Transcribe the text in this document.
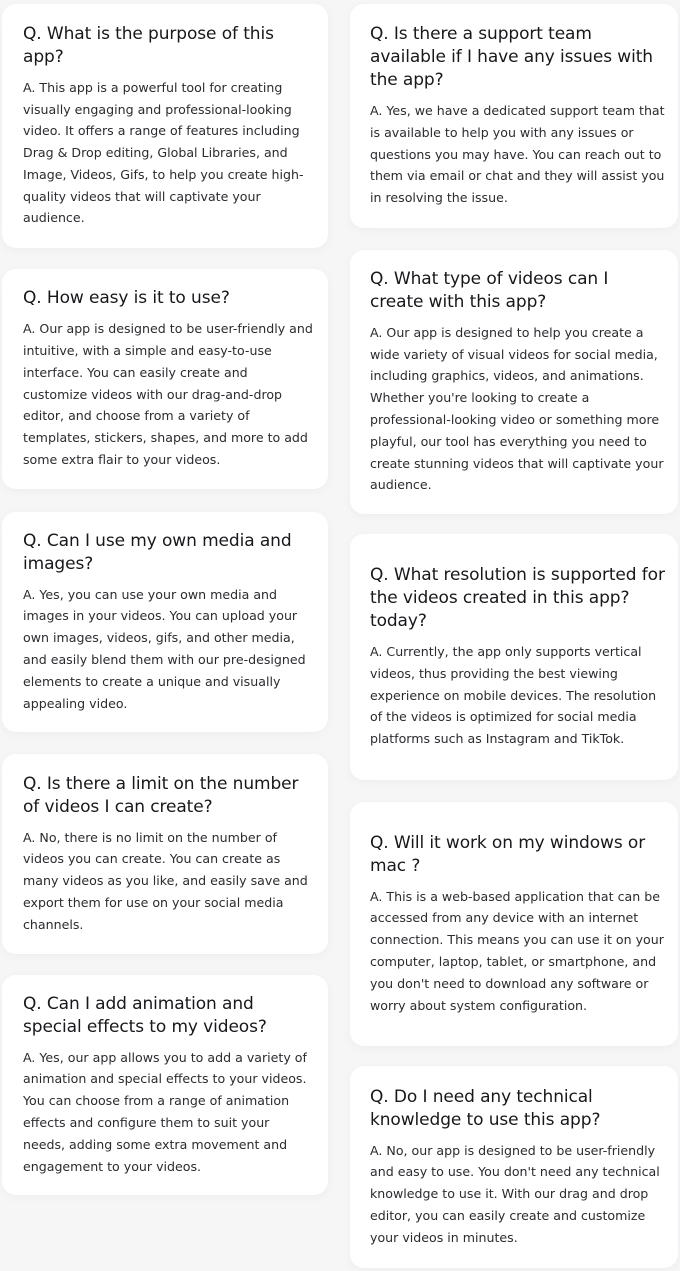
Q. What is the purpose of this app?

A. This app is a powerful tool for creating visually engaging and professional-looking video. It offers a range of features including Drag & Drop editing, Global Libraries, and Image, Videos, Gifs, to help you create high-quality videos that will captivate your audience.

Q. How easy is it to use?

A. Our app is designed to be user-friendly and intuitive, with a simple and easy-to-use interface. You can easily create and customize videos with our drag-and-drop editor, and choose from a variety of templates, stickers, shapes, and more to add some extra flair to your videos.

Q. Can I use my own media and images?

A. Yes, you can use your own media and images in your videos. You can upload your own images, videos, gifs, and other media, and easily blend them with our pre-designed elements to create a unique and visually appealing video.

Q. Is there a limit on the number of videos I can create?

A. No, there is no limit on the number of videos you can create. You can create as many videos as you like, and easily save and export them for use on your social media channels.

Q. Can I add animation and special effects to my videos?

A. Yes, our app allows you to add a variety of animation and special effects to your videos. You can choose from a range of animation effects and configure them to suit your needs, adding some extra movement and engagement to your videos.

Q. Is there a support team available if I have any issues with the app?

A. Yes, we have a dedicated support team that is available to help you with any issues or questions you may have. You can reach out to them via email or chat and they will assist you in resolving the issue.

Q. What type of videos can I create with this app?

A. Our app is designed to help you create a wide variety of visual videos for social media, including graphics, videos, and animations. Whether you're looking to create a professional-looking video or something more playful, our tool has everything you need to create stunning videos that will captivate your audience.

Q. What resolution is supported for the videos created in this app? today?

A. Currently, the app only supports vertical videos, thus providing the best viewing experience on mobile devices. The resolution of the videos is optimized for social media platforms such as Instagram and TikTok.

Q. Will it work on my windows or mac ?

A. This is a web-based application that can be accessed from any device with an internet connection. This means you can use it on your computer, laptop, tablet, or smartphone, and you don't need to download any software or worry about system configuration.

Q. Do I need any technical knowledge to use this app?

A. No, our app is designed to be user-friendly and easy to use. You don't need any technical knowledge to use it. With our drag and drop editor, you can easily create and customize your videos in minutes.
